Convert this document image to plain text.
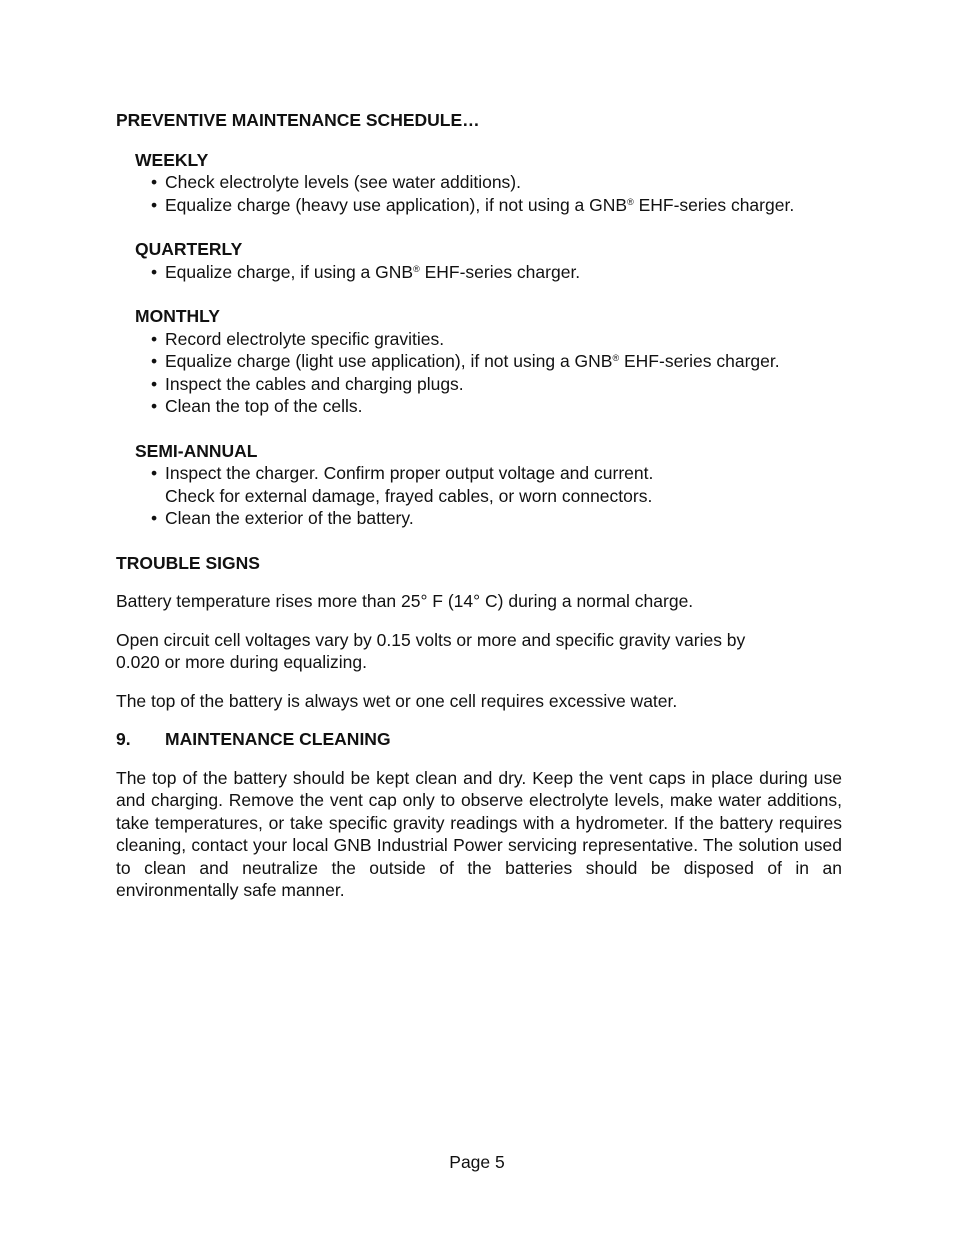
PREVENTIVE MAINTENANCE SCHEDULE…
WEEKLY
• Check electrolyte levels (see water additions).
• Equalize charge (heavy use application), if not using a GNB® EHF-series charger.
QUARTERLY
• Equalize charge, if using a GNB® EHF-series charger.
MONTHLY
• Record electrolyte specific gravities.
• Equalize charge (light use application), if not using a GNB® EHF-series charger.
• Inspect the cables and charging plugs.
• Clean the top of the cells.
SEMI-ANNUAL
• Inspect the charger. Confirm proper output voltage and current.
Check for external damage, frayed cables, or worn connectors.
• Clean the exterior of the battery.
TROUBLE SIGNS

Battery temperature rises more than 25° F (14° C) during a normal charge.

Open circuit cell voltages vary by 0.15 volts or more and specific gravity varies by
0.020 or more during equalizing.

The top of the battery is always wet or one cell requires excessive water.

9.	MAINTENANCE CLEANING

The top of the battery should be kept clean and dry. Keep the vent caps in place during use and charging. Remove the vent cap only to observe electrolyte levels, make water additions, take temperatures, or take specific gravity readings with a hydrometer. If the battery requires cleaning, contact your local GNB Industrial Power servicing representative. The solution used to clean and neutralize the outside of the batteries should be disposed of in an environmentally safe manner.

Page 5
